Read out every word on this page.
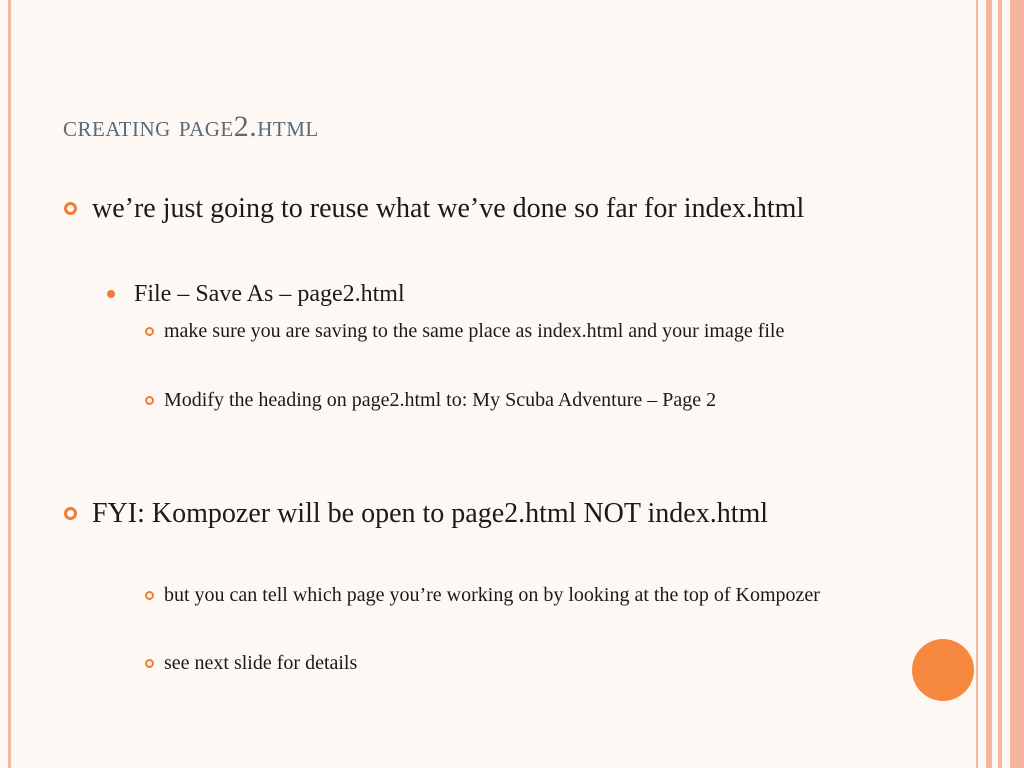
creating page2.html
we’re just going to reuse what we’ve done so far for index.html
File – Save As – page2.html
make sure you are saving to the same place as index.html and your image file
Modify the heading on page2.html to: My Scuba Adventure – Page 2
FYI: Kompozer will be open to page2.html NOT index.html
but you can tell which page you’re working on by looking at the top of Kompozer
see next slide for details
